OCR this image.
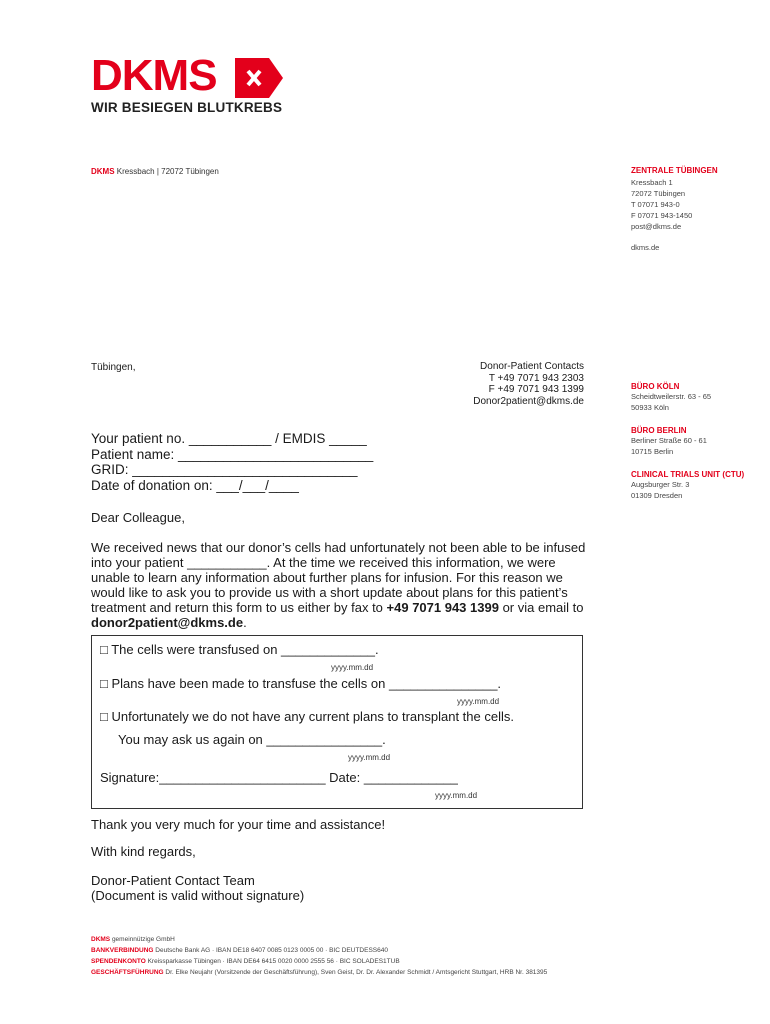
DKMS
WIR BESIEGEN BLUTKREBS
DKMS Kressbach | 72072 Tübingen	ZENTRALE TÜBINGEN
Kressbach 1
72072 Tübingen
T 07071 943-0
F 07071 943-1450
post@dkms.de
dkms.de
BÜRO KÖLN
Scheidtweilerstr. 63 - 65
50933 Köln
BÜRO BERLIN
Berliner Straße 60 - 61
10715 Berlin
CLINICAL TRIALS UNIT (CTU)
Augsburger Str. 3
01309 Dresden
Tübingen,	Donor-Patient Contacts
T +49 7071 943 2303
F +49 7071 943 1399
Donor2patient@dkms.de
Your patient no. ___________ / EMDIS _____
Patient name: __________________________
GRID: ______________________________
Date of donation on: ___/___/____
Dear Colleague,
We received news that our donor’s cells had unfortunately not been able to be infused into your patient ___________. At the time we received this information, we were unable to learn any information about further plans for infusion. For this reason we would like to ask you to provide us with a short update about plans for this patient’s treatment and return this form to us either by fax to +49 7071 943 1399 or via email to donor2patient@dkms.de.
□ The cells were transfused on _____________.
yyyy.mm.dd
□ Plans have been made to transfuse the cells on _______________.
yyyy.mm.dd
□ Unfortunately we do not have any current plans to transplant the cells.
You may ask us again on ________________.
yyyy.mm.dd
Signature:_______________________ Date: _____________
yyyy.mm.dd
Thank you very much for your time and assistance!
With kind regards,
Donor-Patient Contact Team
(Document is valid without signature)
DKMS gemeinnützige GmbH
BANKVERBINDUNG Deutsche Bank AG · IBAN DE18 6407 0085 0123 0005 00 · BIC DEUTDESS640
SPENDENKONTO Kreissparkasse Tübingen · IBAN DE64 6415 0020 0000 2555 56 · BIC SOLADES1TUB
GESCHÄFTSFÜHRUNG Dr. Elke Neujahr (Vorsitzende der Geschäftsführung), Sven Geist, Dr. Dr. Alexander Schmidt / Amtsgericht Stuttgart, HRB Nr. 381395
